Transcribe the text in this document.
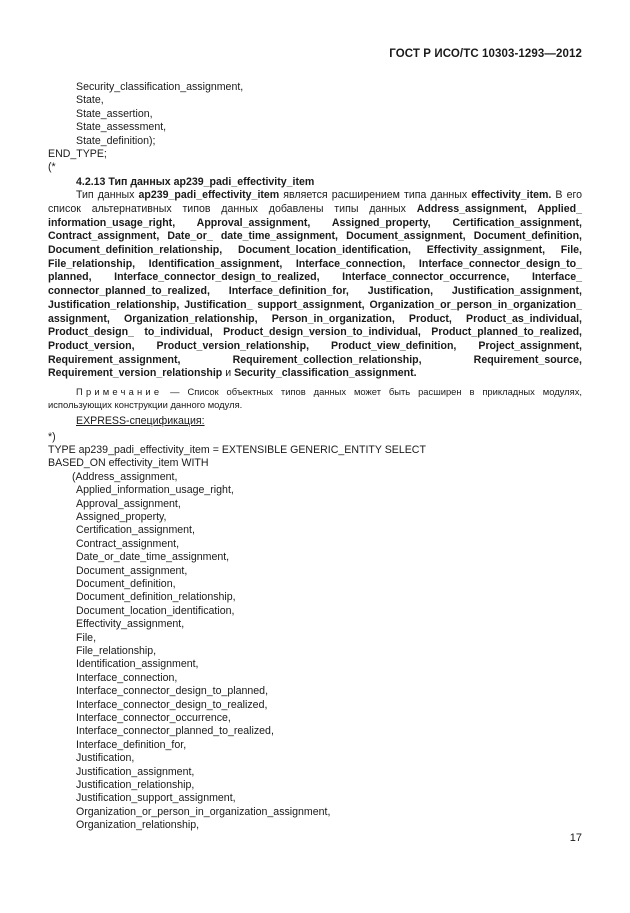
ГОСТ Р ИСО/ТС 10303-1293—2012
Security_classification_assignment,
State,
State_assertion,
State_assessment,
State_definition);
END_TYPE;
(*
4.2.13 Тип данных ap239_padi_effectivity_item

Тип данных ap239_padi_effectivity_item является расширением типа данных effectivity_item. В его список альтернативных типов данных добавлены типы данных Address_assignment, Applied_ information_usage_right, Approval_assignment, Assigned_property, Certification_assignment, Contract_assignment, Date_or_ date_time_assignment, Document_assignment, Document_definition, Document_definition_relationship, Document_location_identification, Effectivity_assignment, File, File_relationship, Identification_assignment, Interface_connection, Interface_connector_design_to_ planned, Interface_connector_design_to_realized, Interface_connector_occurrence, Interface_ connector_planned_to_realized, Interface_definition_for, Justification, Justification_assignment, Justification_relationship, Justification_ support_assignment, Organization_or_person_in_organization_ assignment, Organization_relationship, Person_in_organization, Product, Product_as_individual, Product_design_ to_individual, Product_design_version_to_individual, Product_planned_to_realized, Product_version, Product_version_relationship, Product_view_definition, Project_assignment, Requirement_assignment, Requirement_collection_relationship, Requirement_source, Requirement_version_relationship и Security_classification_assignment.

Примечание — Список объектных типов данных может быть расширен в прикладных модулях, использующих конструкции данного модуля.

EXPRESS-спецификация:
*)
TYPE ap239_padi_effectivity_item = EXTENSIBLE GENERIC_ENTITY SELECT
BASED_ON effectivity_item WITH
(Address_assignment,
Applied_information_usage_right,
Approval_assignment,
Assigned_property,
Certification_assignment,
Contract_assignment,
Date_or_date_time_assignment,
Document_assignment,
Document_definition,
Document_definition_relationship,
Document_location_identification,
Effectivity_assignment,
File,
File_relationship,
Identification_assignment,
Interface_connection,
Interface_connector_design_to_planned,
Interface_connector_design_to_realized,
Interface_connector_occurrence,
Interface_connector_planned_to_realized,
Interface_definition_for,
Justification,
Justification_assignment,
Justification_relationship,
Justification_support_assignment,
Organization_or_person_in_organization_assignment,
Organization_relationship,
17
